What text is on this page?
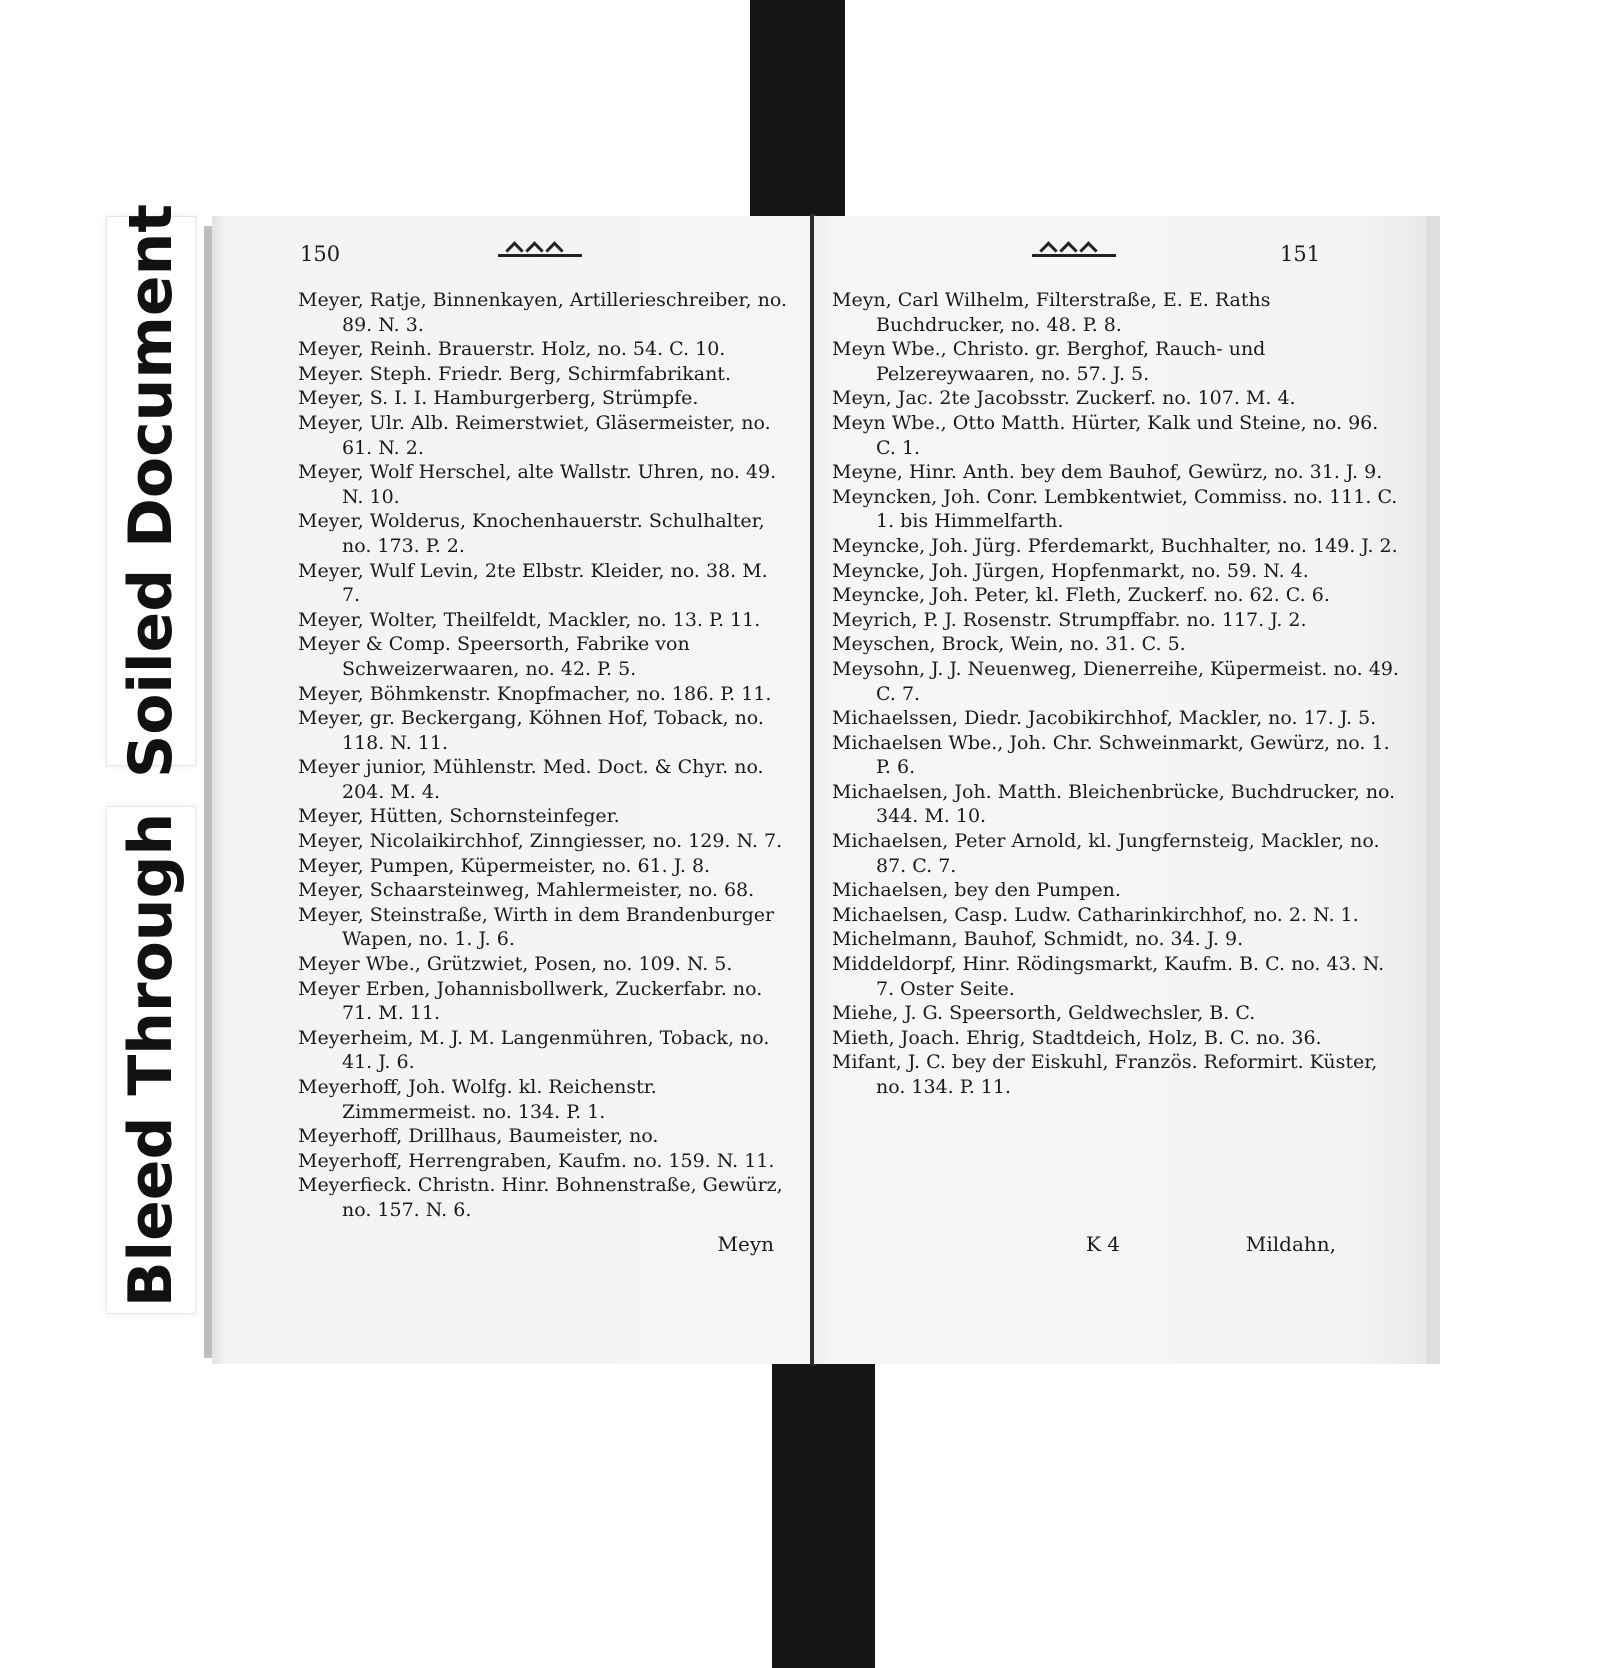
Soiled Document
Bleed Through
150

Meyer, Ratje, Binnenkayen, Artillerieschreiber, no. 89. N. 3.

Meyer, Reinh. Brauerstr. Holz, no. 54. C. 10.

Meyer. Steph. Friedr. Berg, Schirmfabrikant.

Meyer, S. I. I. Hamburgerberg, Strümpfe.

Meyer, Ulr. Alb. Reimerstwiet, Gläsermeister, no. 61. N. 2.

Meyer, Wolf Herschel, alte Wallstr. Uhren, no. 49. N. 10.

Meyer, Wolderus, Knochenhauerstr. Schulhalter, no. 173. P. 2.

Meyer, Wulf Levin, 2te Elbstr. Kleider, no. 38. M. 7.

Meyer, Wolter, Theilfeldt, Mackler, no. 13. P. 11.

Meyer & Comp. Speersorth, Fabrike von Schweizerwaaren, no. 42. P. 5.

Meyer, Böhmkenstr. Knopfmacher, no. 186. P. 11.

Meyer, gr. Beckergang, Köhnen Hof, Toback, no. 118. N. 11.

Meyer junior, Mühlenstr. Med. Doct. & Chyr. no. 204. M. 4.

Meyer, Hütten, Schornsteinfeger.

Meyer, Nicolaikirchhof, Zinngiesser, no. 129. N. 7.

Meyer, Pumpen, Küpermeister, no. 61. J. 8.

Meyer, Schaarsteinweg, Mahlermeister, no. 68.

Meyer, Steinstraße, Wirth in dem Brandenburger Wapen, no. 1. J. 6.

Meyer Wbe., Grützwiet, Posen, no. 109. N. 5.

Meyer Erben, Johannisbollwerk, Zuckerfabr. no. 71. M. 11.

Meyerheim, M. J. M. Langenmühren, Toback, no. 41. J. 6.

Meyerhoff, Joh. Wolfg. kl. Reichenstr. Zimmermeist. no. 134. P. 1.

Meyerhoff, Drillhaus, Baumeister, no.

Meyerhoff, Herrengraben, Kaufm. no. 159. N. 11.

Meyerfieck. Christn. Hinr. Bohnenstraße, Gewürz, no. 157. N. 6.

Meyn
151

Meyn, Carl Wilhelm, Filterstraße, E. E. Raths Buchdrucker, no. 48. P. 8.

Meyn Wbe., Christo. gr. Berghof, Rauch- und Pelzereywaaren, no. 57. J. 5.

Meyn, Jac. 2te Jacobsstr. Zuckerf. no. 107. M. 4.

Meyn Wbe., Otto Matth. Hürter, Kalk und Steine, no. 96. C. 1.

Meyne, Hinr. Anth. bey dem Bauhof, Gewürz, no. 31. J. 9.

Meyncken, Joh. Conr. Lembkentwiet, Commiss. no. 111. C. 1. bis Himmelfarth.

Meyncke, Joh. Jürg. Pferdemarkt, Buchhalter, no. 149. J. 2.

Meyncke, Joh. Jürgen, Hopfenmarkt, no. 59. N. 4.

Meyncke, Joh. Peter, kl. Fleth, Zuckerf. no. 62. C. 6.

Meyrich, P. J. Rosenstr. Strumpffabr. no. 117. J. 2.

Meyschen, Brock, Wein, no. 31. C. 5.

Meysohn, J. J. Neuenweg, Dienerreihe, Küpermeist. no. 49. C. 7.

Michaelssen, Diedr. Jacobikirchhof, Mackler, no. 17. J. 5.

Michaelsen Wbe., Joh. Chr. Schweinmarkt, Gewürz, no. 1. P. 6.

Michaelsen, Joh. Matth. Bleichenbrücke, Buchdrucker, no. 344. M. 10.

Michaelsen, Peter Arnold, kl. Jungfernsteig, Mackler, no. 87. C. 7.

Michaelsen, bey den Pumpen.

Michaelsen, Casp. Ludw. Catharinkirchhof, no. 2. N. 1.

Michelmann, Bauhof, Schmidt, no. 34. J. 9.

Middeldorpf, Hinr. Rödingsmarkt, Kaufm. B. C. no. 43. N. 7. Oster Seite.

Miehe, J. G. Speersorth, Geldwechsler, B. C.

Mieth, Joach. Ehrig, Stadtdeich, Holz, B. C. no. 36.

Mifant, J. C. bey der Eiskuhl, Französ. Reformirt. Küster, no. 134. P. 11.

K 4	Mildahn,
